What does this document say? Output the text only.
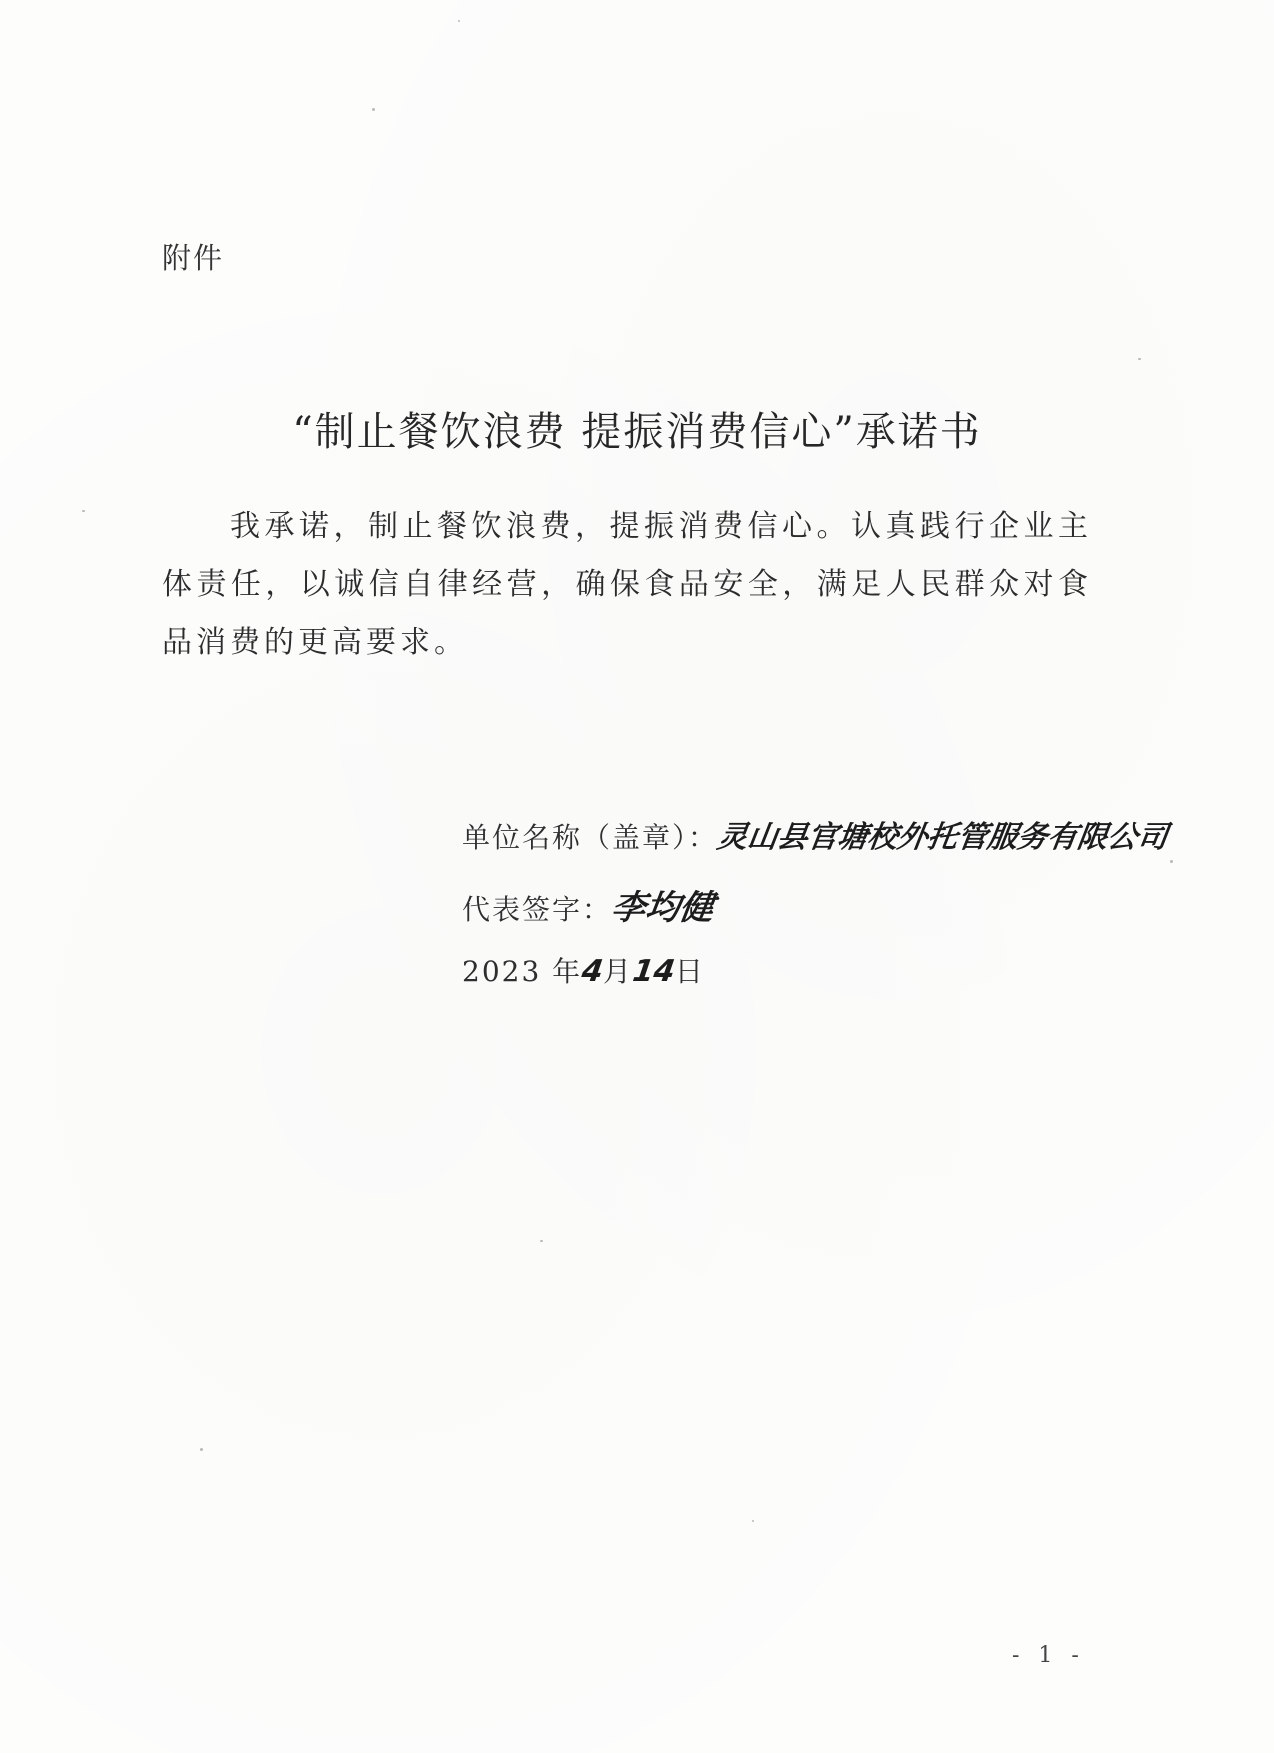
附件
“制止餐饮浪费 提振消费信心”承诺书

我承诺，制止餐饮浪费，提振消费信心。认真践行企业主体责任，以诚信自律经营，确保食品安全，满足人民群众对食品消费的更高要求。

单位名称（盖章）：灵山县官塘校外托管服务有限公司
代表签字：李均健
2023 年4月14日
- 1 -
